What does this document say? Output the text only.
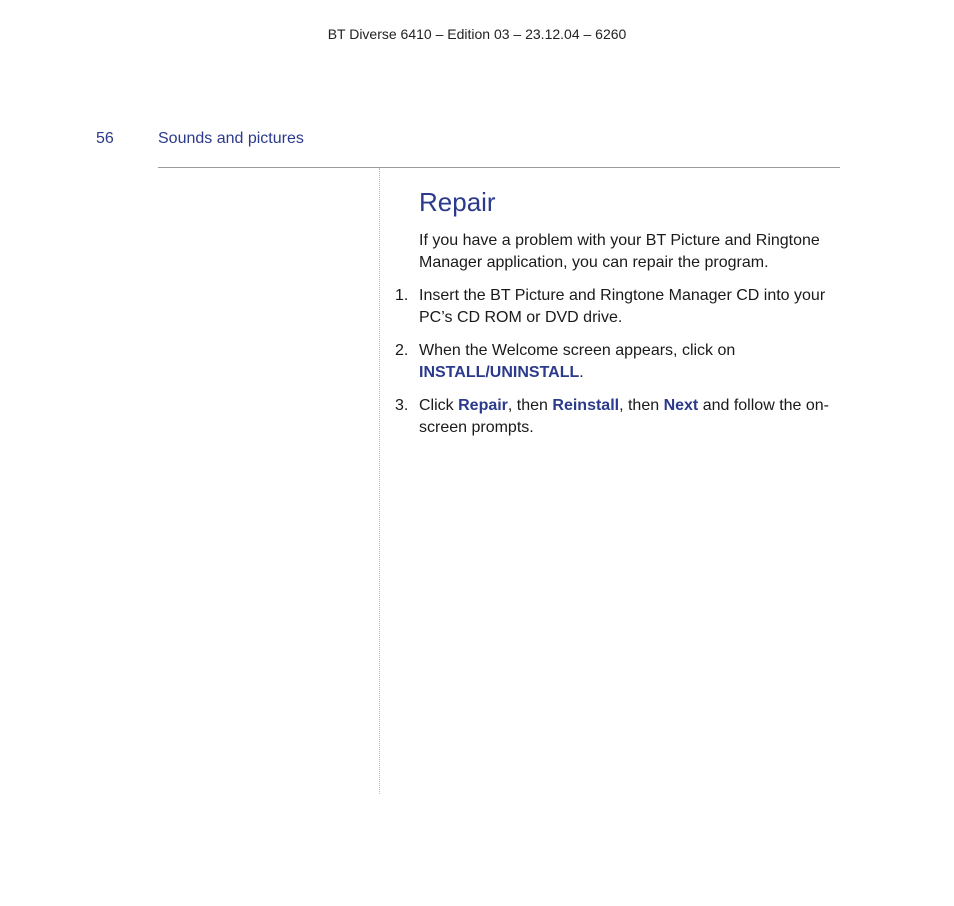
BT Diverse 6410 – Edition 03 – 23.12.04 – 6260
56	Sounds and pictures
Repair

If you have a problem with your BT Picture and Ringtone Manager application, you can repair the program.

1. Insert the BT Picture and Ringtone Manager CD into your PC’s CD ROM or DVD drive.
2. When the Welcome screen appears, click on INSTALL/UNINSTALL.
3. Click Repair, then Reinstall, then Next and follow the on-screen prompts.
